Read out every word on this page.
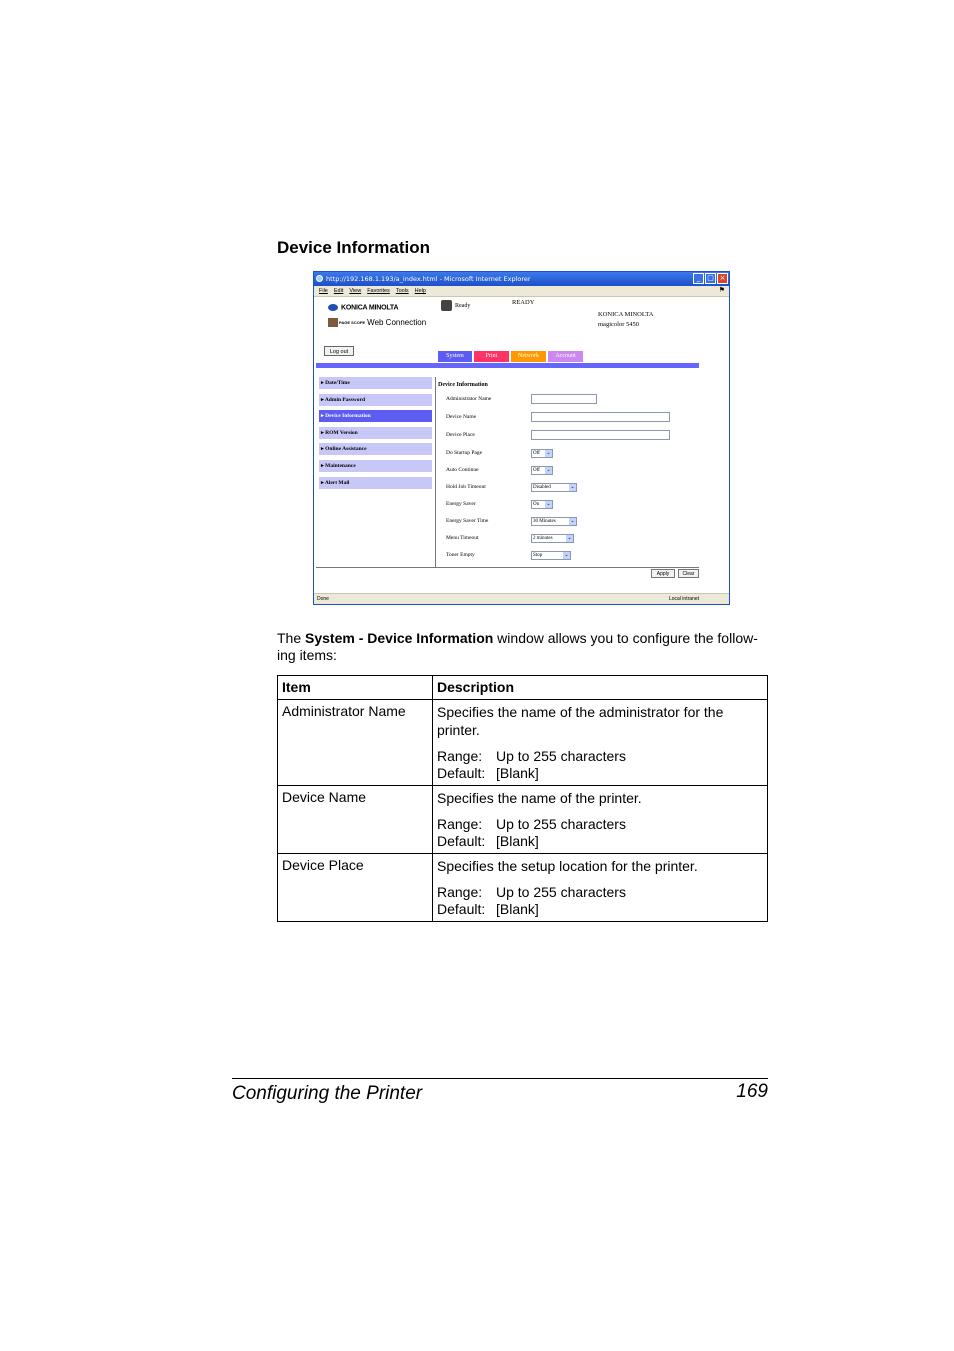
Device Information
http://192.168.1.193/a_index.html - Microsoft Internet Explorer	_ □ ×
File Edit View Favorites Tools Help	⚑
KONICA MINOLTA
PAGE SCOPE Web Connection
Ready	READY
KONICA MINOLTA
magicolor 5450
Log out
System	Print	Network	Account
▸ Date/Time
▸ Admin Password
▸ Device Information
▸ ROM Version
▸ Online Assistance
▸ Maintenance
▸ Alert Mail
Device Information
Administrator Name
Device Name
Device Place
Do Startup Page	Off ⌄
Auto Continue	Off ⌄
Hold Job Timeout	Disabled	⌄
Energy Saver	On ⌄
Energy Saver Time	30 Minutes	⌄
Menu Timeout	2 minutes	⌄
Toner Empty	Stop	⌄
Apply	Clear
Done	Local intranet
The System - Device Information window allows you to configure the follow-ing items:
Item	Description
Administrator Name	Specifies the name of the administrator for the printer.
Range: Up to 255 characters
Default: [Blank]

Device Name	Specifies the name of the printer.
Range: Up to 255 characters
Default: [Blank]

Device Place	Specifies the setup location for the printer.
Range: Up to 255 characters
Default: [Blank]
Configuring the Printer	169
